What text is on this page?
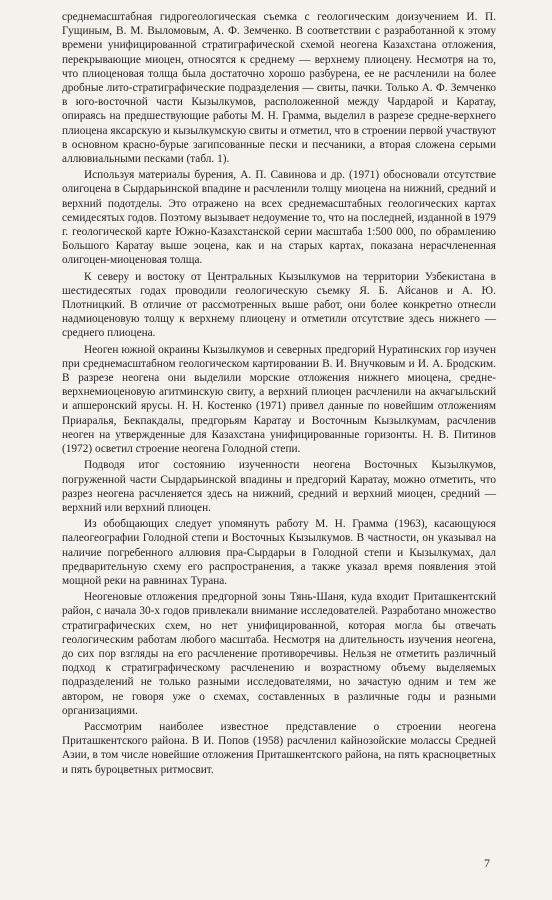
среднемасштабная гидрогеологическая съемка с геологическим доизучением И. П. Гущиным, В. М. Выломовым, А. Ф. Земченко. В соответствии с разработанной к этому времени унифицированной стратиграфической схемой неогена Казахстана отложения, перекрывающие миоцен, относятся к среднему — верхнему плиоцену. Несмотря на то, что плиоценовая толща была достаточно хорошо разбурена, ее не расчленили на более дробные лито-стратиграфические подразделения — свиты, пачки. Только А. Ф. Земченко в юго-восточной части Кызылкумов, расположенной между Чардарой и Каратау, опираясь на предшествующие работы М. Н. Грамма, выделил в разрезе средне-верхнего плиоцена яксарскую и кызылкумскую свиты и отметил, что в строении первой участвуют в основном красно-бурые загипсованные пески и песчаники, а вторая сложена серыми аллювиальными песками (табл. 1).

Используя материалы бурения, А. П. Савинова и др. (1971) обосновали отсутствие олигоцена в Сырдарьинской впадине и расчленили толщу миоцена на нижний, средний и верхний подотделы. Это отражено на всех среднемасштабных геологических картах семидесятых годов. Поэтому вызывает недоумение то, что на последней, изданной в 1979 г. геологической карте Южно-Казахстанской серии масштаба 1:500 000, по обрамлению Большого Каратау выше эоцена, как и на старых картах, показана нерасчлененная олигоцен-миоценовая толща.

К северу и востоку от Центральных Кызылкумов на территории Узбекистана в шестидесятых годах проводили геологическую съемку Я. Б. Айсанов и А. Ю. Плотницкий. В отличие от рассмотренных выше работ, они более конкретно отнесли надмиоценовую толщу к верхнему плиоцену и отметили отсутствие здесь нижнего — среднего плиоцена.

Неоген южной окраины Кызылкумов и северных предгорий Нуратинских гор изучен при среднемасштабном геологическом картировании В. И. Внучковым и И. А. Бродским. В разрезе неогена они выделили морские отложения нижнего миоцена, средне-верхнемиоценовую агитминскую свиту, а верхний плиоцен расчленили на акчагыльский и апшеронский ярусы. Н. Н. Костенко (1971) привел данные по новейшим отложениям Приаралья, Бекпакдалы, предгорьям Каратау и Восточным Кызылкумам, расчленив неоген на утвержденные для Казахстана унифицированные горизонты. Н. В. Питинов (1972) осветил строение неогена Голодной степи.

Подводя итог состоянию изученности неогена Восточных Кызылкумов, погруженной части Сырдарьинской впадины и предгорий Каратау, можно отметить, что разрез неогена расчленяется здесь на нижний, средний и верхний миоцен, средний — верхний или верхний плиоцен.

Из обобщающих следует упомянуть работу М. Н. Грамма (1963), касающуюся палеогеографии Голодной степи и Восточных Кызылкумов. В частности, он указывал на наличие погребенного аллювия пра-Сырдарьи в Голодной степи и Кызылкумах, дал предварительную схему его распространения, а также указал время появления этой мощной реки на равнинах Турана.

Неогеновые отложения предгорной зоны Тянь-Шаня, куда входит Приташкентский район, с начала 30-х годов привлекали внимание исследователей. Разработано множество стратиграфических схем, но нет унифицированной, которая могла бы отвечать геологическим работам любого масштаба. Несмотря на длительность изучения неогена, до сих пор взгляды на его расчленение противоречивы. Нельзя не отметить различный подход к стратиграфическому расчленению и возрастному объему выделяемых подразделений не только разными исследователями, но зачастую одним и тем же автором, не говоря уже о схемах, составленных в различные годы и разными организациями.

Рассмотрим наиболее известное представление о строении неогена Приташкентского района. В И. Попов (1958) расчленил кайнозойские молассы Средней Азии, в том числе новейшие отложения Приташкентского района, на пять красноцветных и пять буроцветных ритмосвит.

7
